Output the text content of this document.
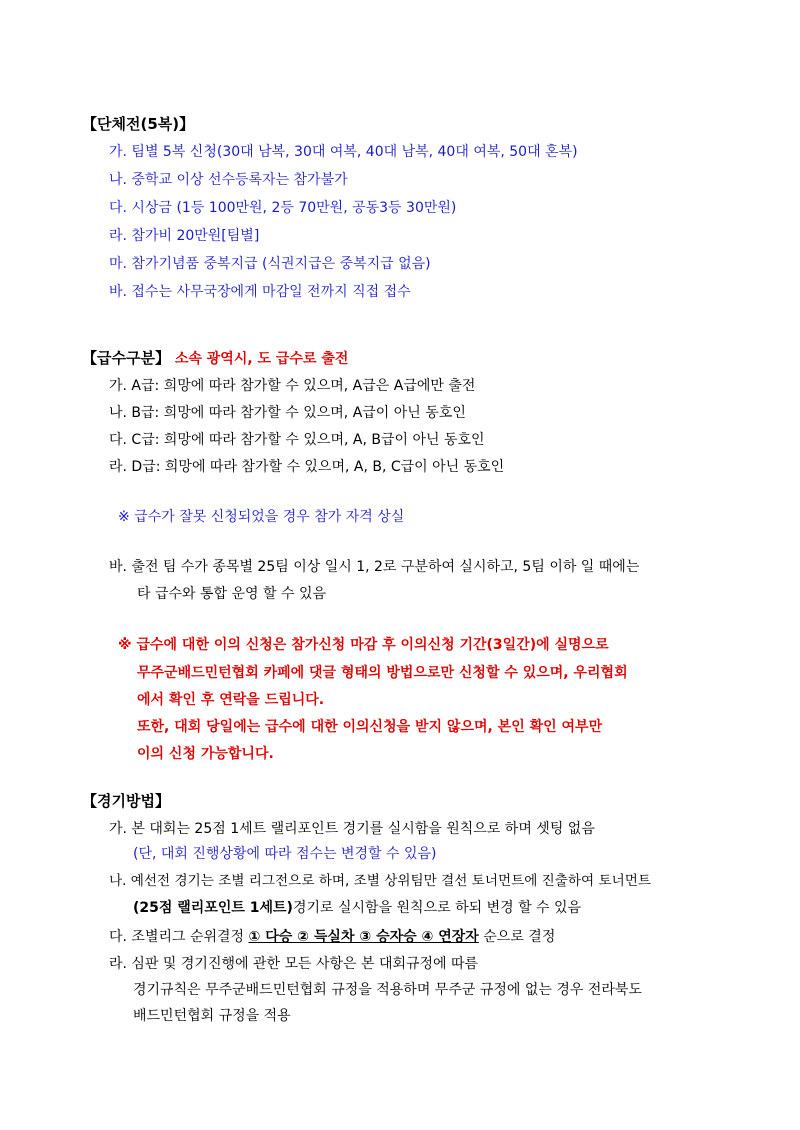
【단체전(5복)】
가. 팀별 5복 신청(30대 남복, 30대 여복, 40대 남복, 40대 여복, 50대 혼복)
나. 중학교 이상 선수등록자는 참가불가
다. 시상금 (1등 100만원, 2등 70만원, 공동3등 30만원)
라. 참가비 20만원[팀별]
마. 참가기념품 중복지급 (식권지급은 중복지급 없음)
바. 접수는 사무국장에게 마감일 전까지 직접 접수
【급수구분】 소속 광역시, 도 급수로 출전
가. A급: 희망에 따라 참가할 수 있으며, A급은 A급에만 출전
나. B급: 희망에 따라 참가할 수 있으며, A급이 아닌 동호인
다. C급: 희망에 따라 참가할 수 있으며, A, B급이 아닌 동호인
라. D급: 희망에 따라 참가할 수 있으며, A, B, C급이 아닌 동호인
※ 급수가 잘못 신청되었을 경우 참가 자격 상실
바. 출전 팀 수가 종목별 25팀 이상 일시 1, 2로 구분하여 실시하고, 5팀 이하 일 때에는
타 급수와 통합 운영 할 수 있음
※ 급수에 대한 이의 신청은 참가신청 마감 후 이의신청 기간(3일간)에 실명으로
무주군배드민턴협회 카페에 댓글 형태의 방법으로만 신청할 수 있으며, 우리협회
에서 확인 후 연락을 드립니다.
또한, 대회 당일에는 급수에 대한 이의신청을 받지 않으며, 본인 확인 여부만
이의 신청 가능합니다.
【경기방법】
가. 본 대회는 25점 1세트 랠리포인트 경기를 실시함을 원칙으로 하며 셋팅 없음
(단, 대회 진행상황에 따라 점수는 변경할 수 있음)
나. 예선전 경기는 조별 리그전으로 하며, 조별 상위팀만 결선 토너먼트에 진출하여 토너먼트
(25점 랠리포인트 1세트)경기로 실시함을 원칙으로 하되 변경 할 수 있음
다. 조별리그 순위결정 ① 다승 ② 득실차 ③ 승자승 ④ 연장자 순으로 결정
라. 심판 및 경기진행에 관한 모든 사항은 본 대회규정에 따름
경기규칙은 무주군배드민턴협회 규정을 적용하며 무주군 규정에 없는 경우 전라북도
배드민턴협회 규정을 적용
